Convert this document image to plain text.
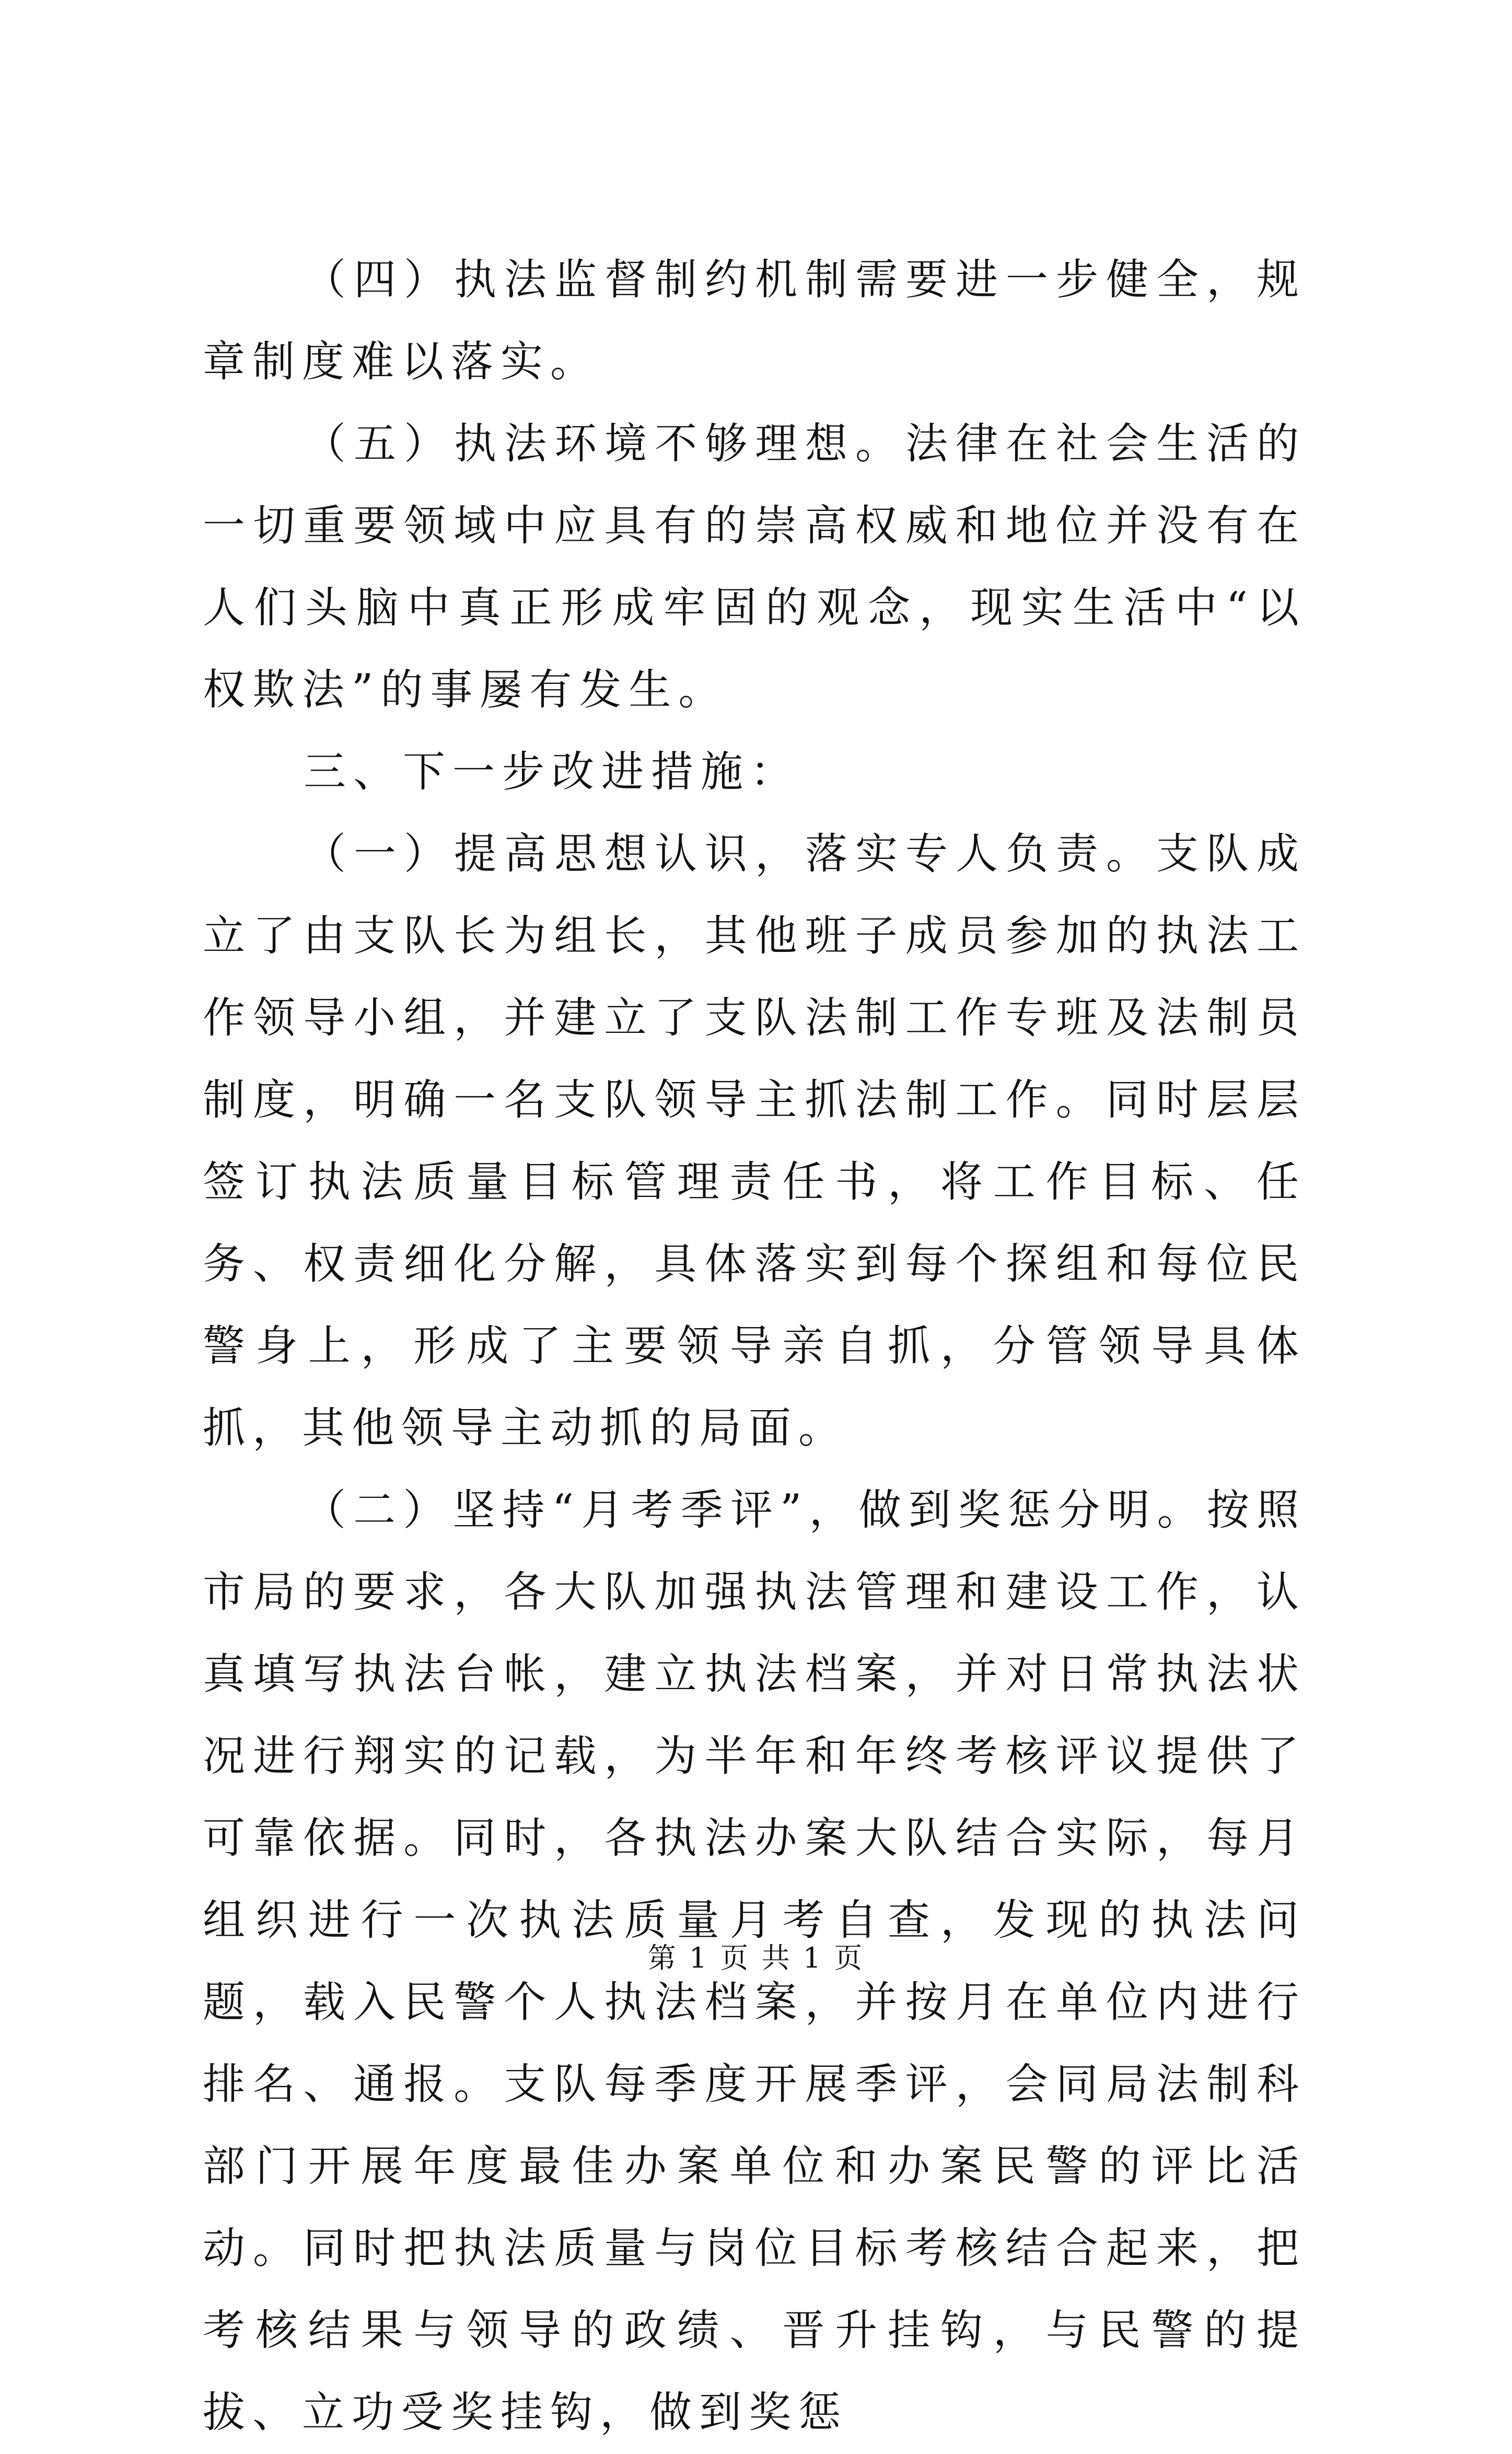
（四）执法监督制约机制需要进一步健全，规章制度难以落实。

（五）执法环境不够理想。法律在社会生活的一切重要领域中应具有的崇高权威和地位并没有在人们头脑中真正形成牢固的观念，现实生活中“以权欺法”的事屡有发生。

三、下一步改进措施：

（一）提高思想认识，落实专人负责。支队成立了由支队长为组长，其他班子成员参加的执法工作领导小组，并建立了支队法制工作专班及法制员制度，明确一名支队领导主抓法制工作。同时层层签订执法质量目标管理责任书，将工作目标、任务、权责细化分解，具体落实到每个探组和每位民警身上，形成了主要领导亲自抓，分管领导具体抓，其他领导主动抓的局面。

（二）坚持“月考季评”，做到奖惩分明。按照市局的要求，各大队加强执法管理和建设工作，认真填写执法台帐，建立执法档案，并对日常执法状况进行翔实的记载，为半年和年终考核评议提供了可靠依据。同时，各执法办案大队结合实际，每月组织进行一次执法质量月考自查，发现的执法问题，载入民警个人执法档案，并按月在单位内进行排名、通报。支队每季度开展季评，会同局法制科部门开展年度最佳办案单位和办案民警的评比活动。同时把执法质量与岗位目标考核结合起来，把考核结果与领导的政绩、晋升挂钩，与民警的提拔、立功受奖挂钩，做到奖惩

第 1 页 共 1 页
